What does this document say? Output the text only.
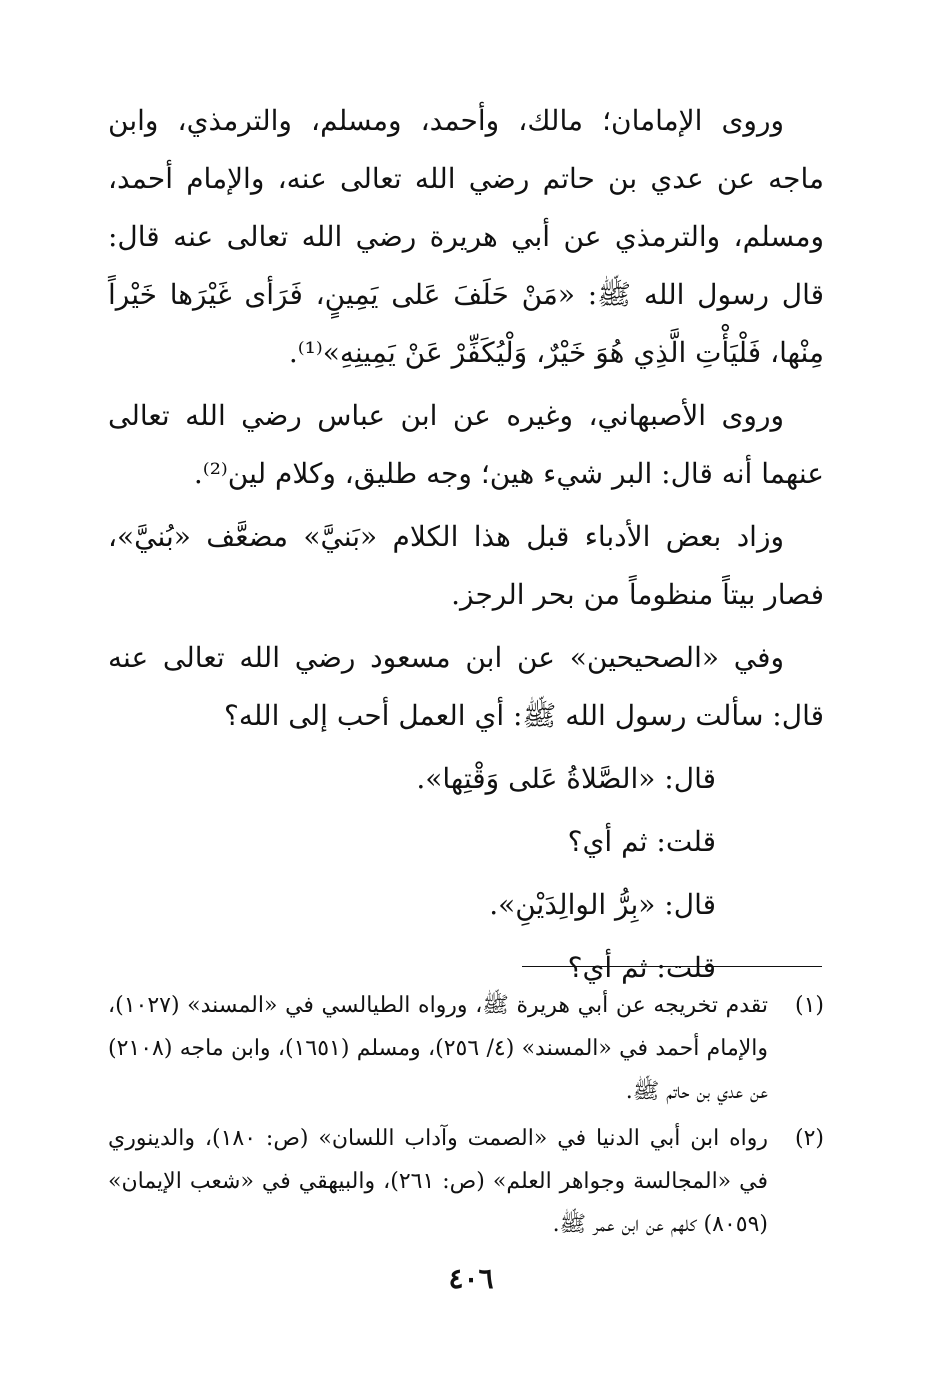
وروى الإمامان؛ مالك، وأحمد، ومسلم، والترمذي، وابن ماجه عن عدي بن حاتم رضي الله تعالى عنه، والإمام أحمد، ومسلم، والترمذي عن أبي هريرة رضي الله تعالى عنه قال: قال رسول الله ﷺ: «مَنْ حَلَفَ عَلى يَمِينٍ، فَرَأى غَيْرَها خَيْراً مِنْها، فَلْيَأْتِ الَّذِي هُوَ خَيْرٌ، وَلْيُكَفِّرْ عَنْ يَمِينِهِ»⁽¹⁾.

وروى الأصبهاني، وغيره عن ابن عباس رضي الله تعالى عنهما أنه قال: البر شيء هين؛ وجه طليق، وكلام لين⁽²⁾.

وزاد بعض الأدباء قبل هذا الكلام «بَنيَّ» مضعَّف «بُنيَّ»، فصار بيتاً منظوماً من بحر الرجز.

وفي «الصحيحين» عن ابن مسعود رضي الله تعالى عنه قال: سألت رسول الله ﷺ: أي العمل أحب إلى الله؟

قال: «الصَّلاةُ عَلى وَقْتِها».

قلت: ثم أي؟

قال: «بِرُّ الوالِدَيْنِ».

قلت: ثم أي؟

(١)
تقدم تخريجه عن أبي هريرة ﷺ، ورواه الطيالسي في «المسند» (١٠٢٧)، والإمام أحمد في «المسند» (٤/ ٢٥٦)، ومسلم (١٦٥١)، وابن ماجه (٢١٠٨) عن عدي بن حاتم ﷺ.
(٢)
رواه ابن أبي الدنيا في «الصمت وآداب اللسان» (ص: ١٨٠)، والدينوري في «المجالسة وجواهر العلم» (ص: ٢٦١)، والبيهقي في «شعب الإيمان» (٨٠٥٩) كلهم عن ابن عمر ﷺ.
٤٠٦
